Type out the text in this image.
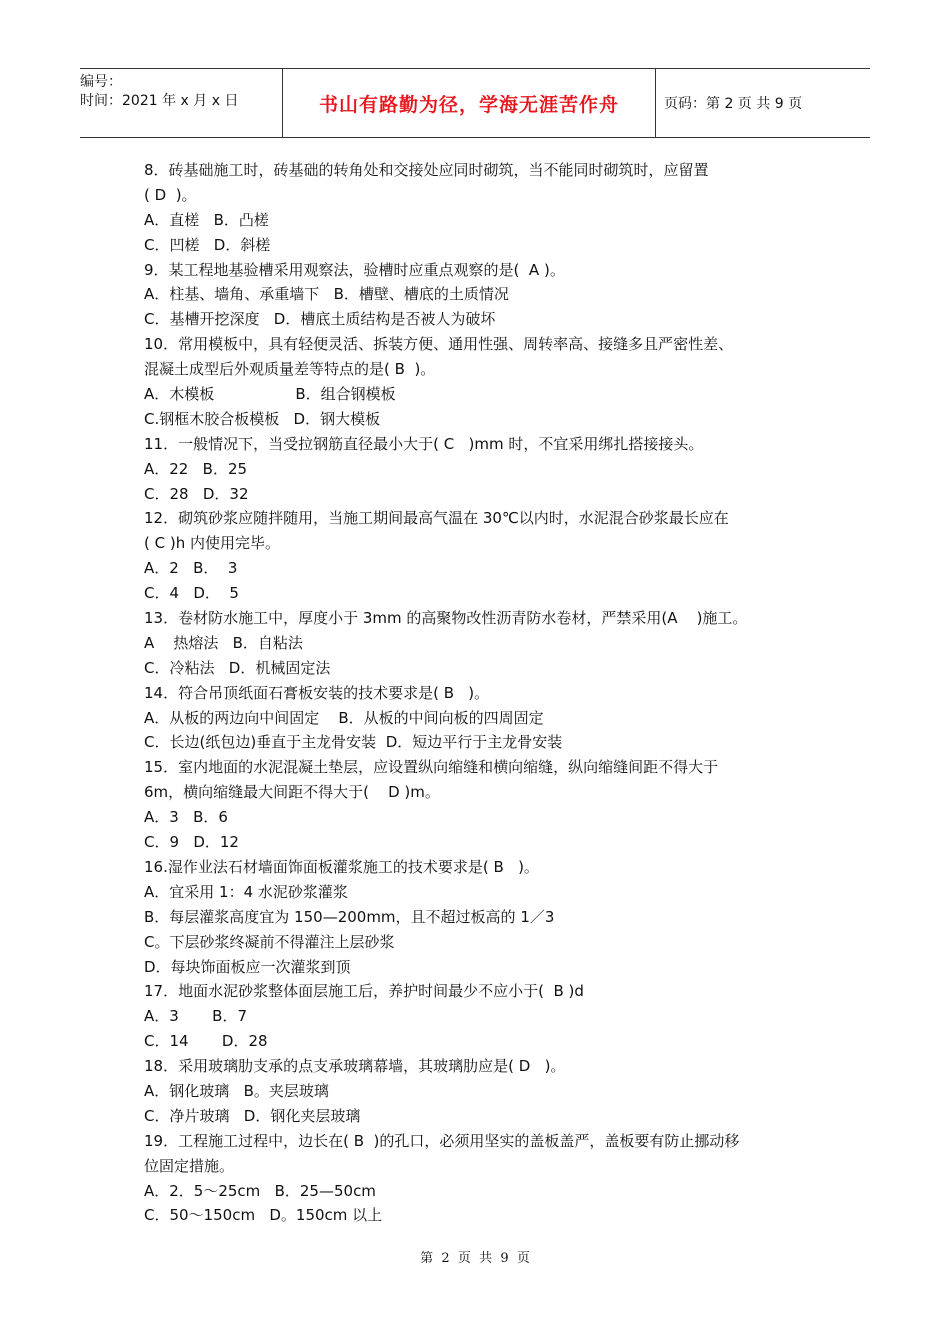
编号：
时间：2021 年 x 月 x 日	书山有路勤为径，学海无涯苦作舟	页码：第 2 页 共 9 页
8．砖基础施工时，砖基础的转角处和交接处应同时砌筑，当不能同时砌筑时，应留置
( D  )。
A．直槎   B．凸槎
C．凹槎   D．斜槎
9．某工程地基验槽采用观察法，验槽时应重点观察的是(  A )。
A．柱基、墙角、承重墙下   B．槽壁、槽底的土质情况
C．基槽开挖深度   D．槽底土质结构是否被人为破坏
10．常用模板中，具有轻便灵活、拆装方便、通用性强、周转率高、接缝多且严密性差、
混凝土成型后外观质量差等特点的是( B  )。
A．木模板                 B．组合钢模板
C.钢框木胶合板模板   D．钢大模板
11．一般情况下，当受拉钢筋直径最小大于( C   )mm 时，不宜采用绑扎搭接接头。
A．22   B．25
C．28   D．32
12．砌筑砂浆应随拌随用，当施工期间最高气温在 30℃以内时，水泥混合砂浆最长应在
( C )h 内使用完毕。
A．2   B．  3
C．4   D．  5
13．卷材防水施工中，厚度小于 3mm 的高聚物改性沥青防水卷材，严禁采用(A    )施工。
A    热熔法   B．自粘法
C．冷粘法   D．机械固定法
14．符合吊顶纸面石膏板安装的技术要求是( B   )。
A．从板的两边向中间固定    B．从板的中间向板的四周固定
C．长边(纸包边)垂直于主龙骨安装  D．短边平行于主龙骨安装
15．室内地面的水泥混凝土垫层，应设置纵向缩缝和横向缩缝，纵向缩缝间距不得大于
6m，横向缩缝最大间距不得大于(    D )m。
A．3   B．6
C．9   D．12
16.湿作业法石材墙面饰面板灌浆施工的技术要求是( B   )。
A．宜采用 1：4 水泥砂浆灌浆
B．每层灌浆高度宜为 150—200mm，且不超过板高的 1／3
C。下层砂浆终凝前不得灌注上层砂浆
D．每块饰面板应一次灌浆到顶
17．地面水泥砂浆整体面层施工后，养护时间最少不应小于(  B )d
A．3       B．7
C．14       D．28
18．采用玻璃肋支承的点支承玻璃幕墙，其玻璃肋应是( D   )。
A．钢化玻璃   B。夹层玻璃
C．净片玻璃   D．钢化夹层玻璃
19．工程施工过程中，边长在( B  )的孔口，必须用坚实的盖板盖严，盖板要有防止挪动移
位固定措施。
A．2．5～25cm   B．25—50cm
C．50～150cm   D。150cm 以上
第  2  页  共  9  页
